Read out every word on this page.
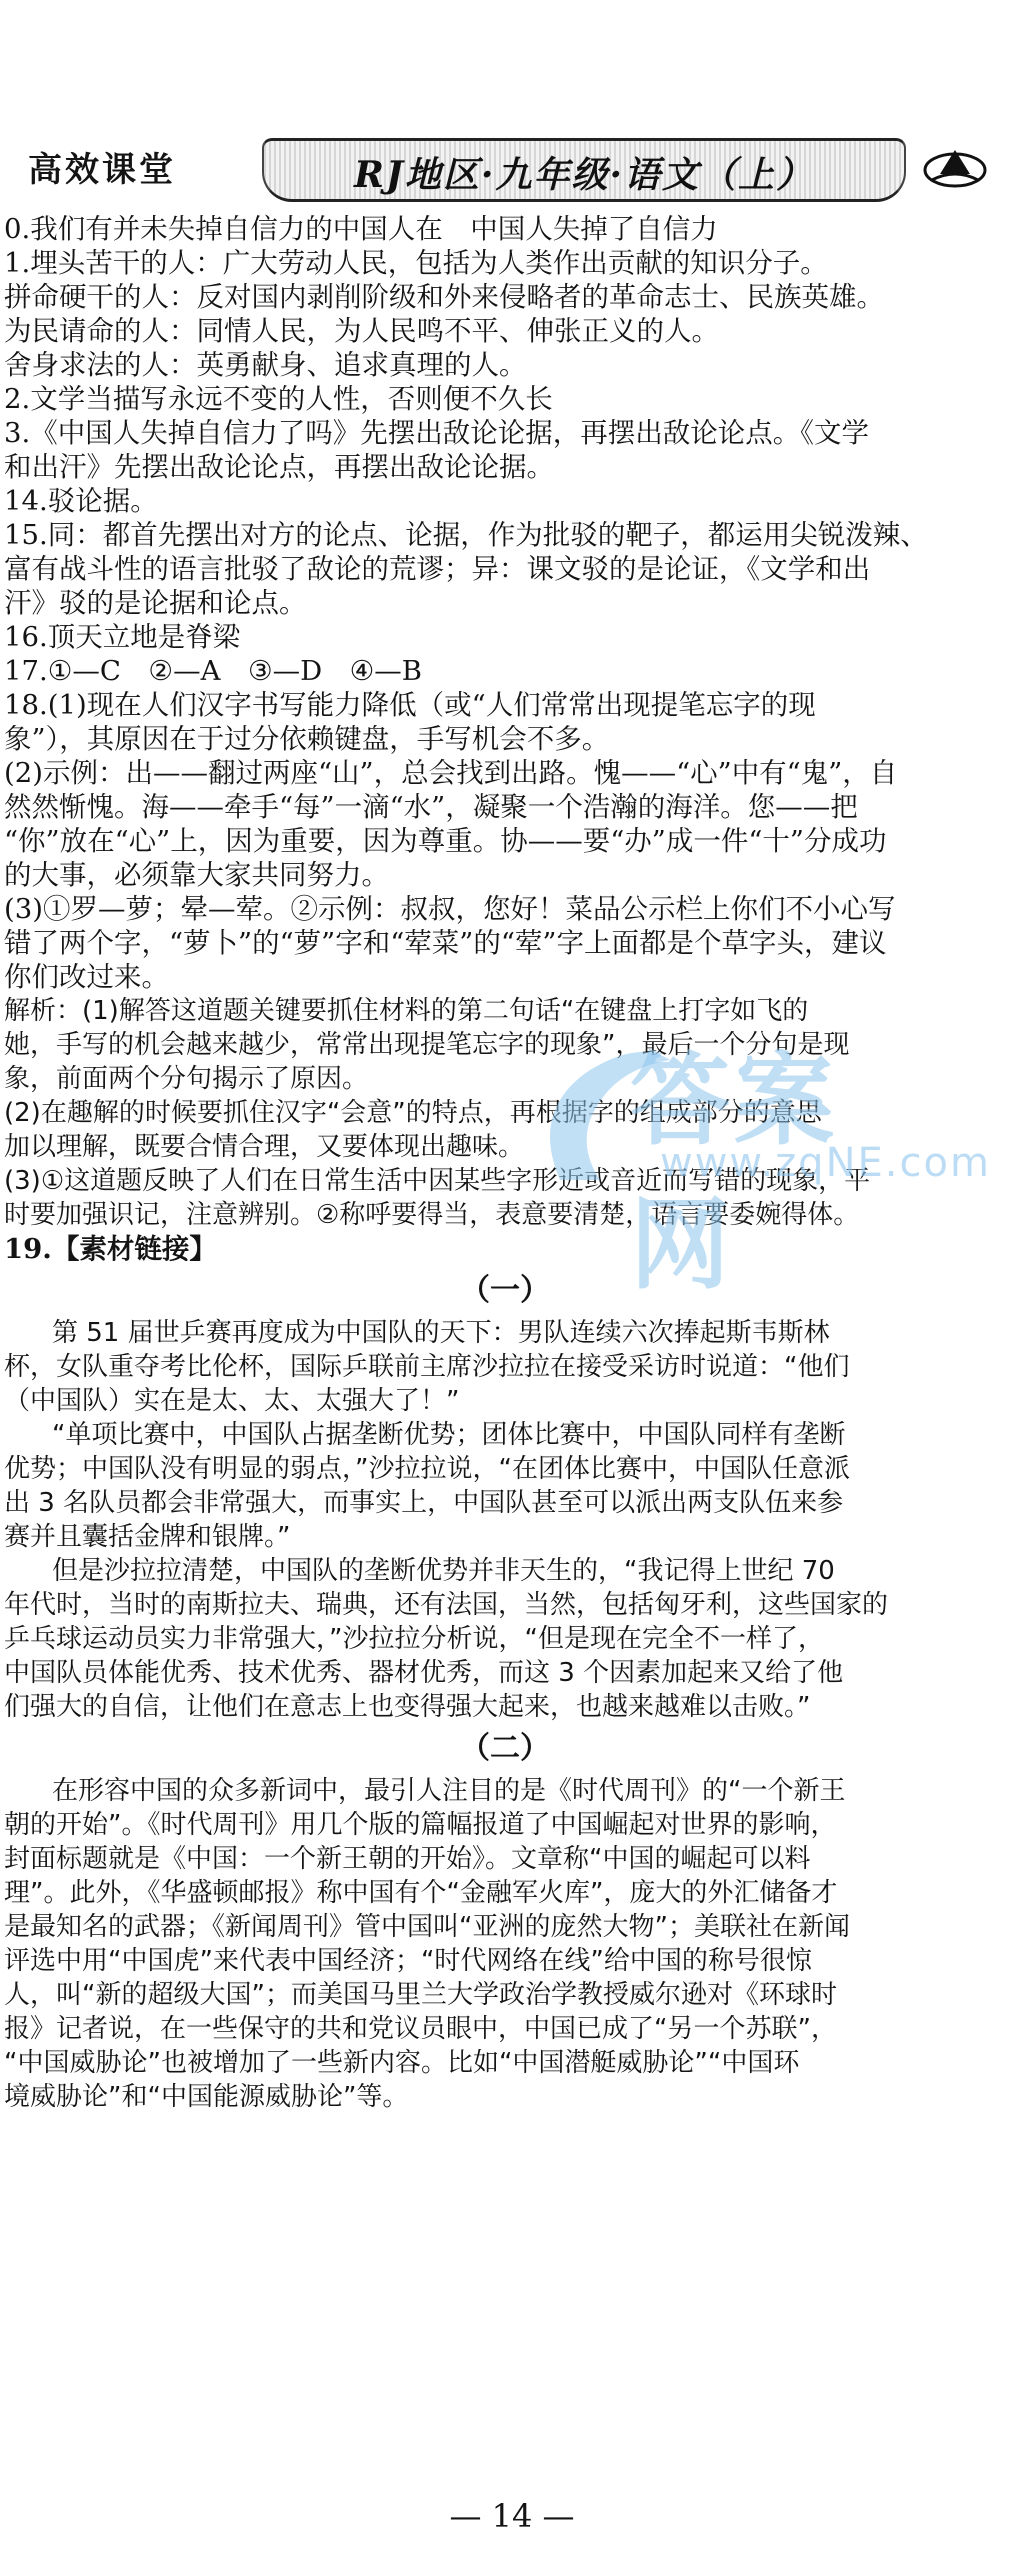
高效课堂	RJ地区·九年级·语文（上）
0.我们有并未失掉自信力的中国人在　中国人失掉了自信力
1.埋头苦干的人：广大劳动人民，包括为人类作出贡献的知识分子。
拼命硬干的人：反对国内剥削阶级和外来侵略者的革命志士、民族英雄。
为民请命的人：同情人民，为人民鸣不平、伸张正义的人。
舍身求法的人：英勇献身、追求真理的人。
2.文学当描写永远不变的人性，否则便不久长
3.《中国人失掉自信力了吗》先摆出敌论论据，再摆出敌论论点。《文学
和出汗》先摆出敌论论点，再摆出敌论论据。
14.驳论据。
15.同：都首先摆出对方的论点、论据，作为批驳的靶子，都运用尖锐泼辣、
富有战斗性的语言批驳了敌论的荒谬；异：课文驳的是论证，《文学和出
汗》驳的是论据和论点。
16.顶天立地是脊梁
17.①—C　②—A　③—D　④—B
18.(1)现在人们汉字书写能力降低（或“人们常常出现提笔忘字的现
象”），其原因在于过分依赖键盘，手写机会不多。
(2)示例：出——翻过两座“山”，总会找到出路。愧——“心”中有“鬼”，自
然然惭愧。海——牵手“每”一滴“水”，凝聚一个浩瀚的海洋。您——把
“你”放在“心”上，因为重要，因为尊重。协——要“办”成一件“十”分成功
的大事，必须靠大家共同努力。
(3)①罗—萝；晕—荤。②示例：叔叔，您好！菜品公示栏上你们不小心写
错了两个字，“萝卜”的“萝”字和“荤菜”的“荤”字上面都是个草字头，建议
你们改过来。
解析：(1)解答这道题关键要抓住材料的第二句话“在键盘上打字如飞的
她，手写的机会越来越少，常常出现提笔忘字的现象”，最后一个分句是现
象，前面两个分句揭示了原因。
(2)在趣解的时候要抓住汉字“会意”的特点，再根据字的组成部分的意思
加以理解，既要合情合理，又要体现出趣味。
(3)①这道题反映了人们在日常生活中因某些字形近或音近而写错的现象，平
时要加强识记，注意辨别。②称呼要得当，表意要清楚，语言要委婉得体。
19.【素材链接】
（一）
第 51 届世乒赛再度成为中国队的天下：男队连续六次捧起斯韦斯林
杯，女队重夺考比伦杯，国际乒联前主席沙拉拉在接受采访时说道：“他们
（中国队）实在是太、太、太强大了！”
“单项比赛中，中国队占据垄断优势；团体比赛中，中国队同样有垄断
优势；中国队没有明显的弱点，”沙拉拉说，“在团体比赛中，中国队任意派
出 3 名队员都会非常强大，而事实上，中国队甚至可以派出两支队伍来参
赛并且囊括金牌和银牌。”
但是沙拉拉清楚，中国队的垄断优势并非天生的，“我记得上世纪 70
年代时，当时的南斯拉夫、瑞典，还有法国，当然，包括匈牙利，这些国家的
乒乓球运动员实力非常强大，”沙拉拉分析说，“但是现在完全不一样了，
中国队员体能优秀、技术优秀、器材优秀，而这 3 个因素加起来又给了他
们强大的自信，让他们在意志上也变得强大起来，也越来越难以击败。”
（二）
在形容中国的众多新词中，最引人注目的是《时代周刊》的“一个新王
朝的开始”。《时代周刊》用几个版的篇幅报道了中国崛起对世界的影响，
封面标题就是《中国：一个新王朝的开始》。文章称“中国的崛起可以料
理”。此外，《华盛顿邮报》称中国有个“金融军火库”，庞大的外汇储备才
是最知名的武器；《新闻周刊》管中国叫“亚洲的庞然大物”；美联社在新闻
评选中用“中国虎”来代表中国经济；“时代网络在线”给中国的称号很惊
人，叫“新的超级大国”；而美国马里兰大学政治学教授威尔逊对《环球时
报》记者说，在一些保守的共和党议员眼中，中国已成了“另一个苏联”，
“中国威胁论”也被增加了一些新内容。比如“中国潜艇威胁论”“中国环
境威胁论”和“中国能源威胁论”等。
答案网
www.zqNE.com
— 14 —
